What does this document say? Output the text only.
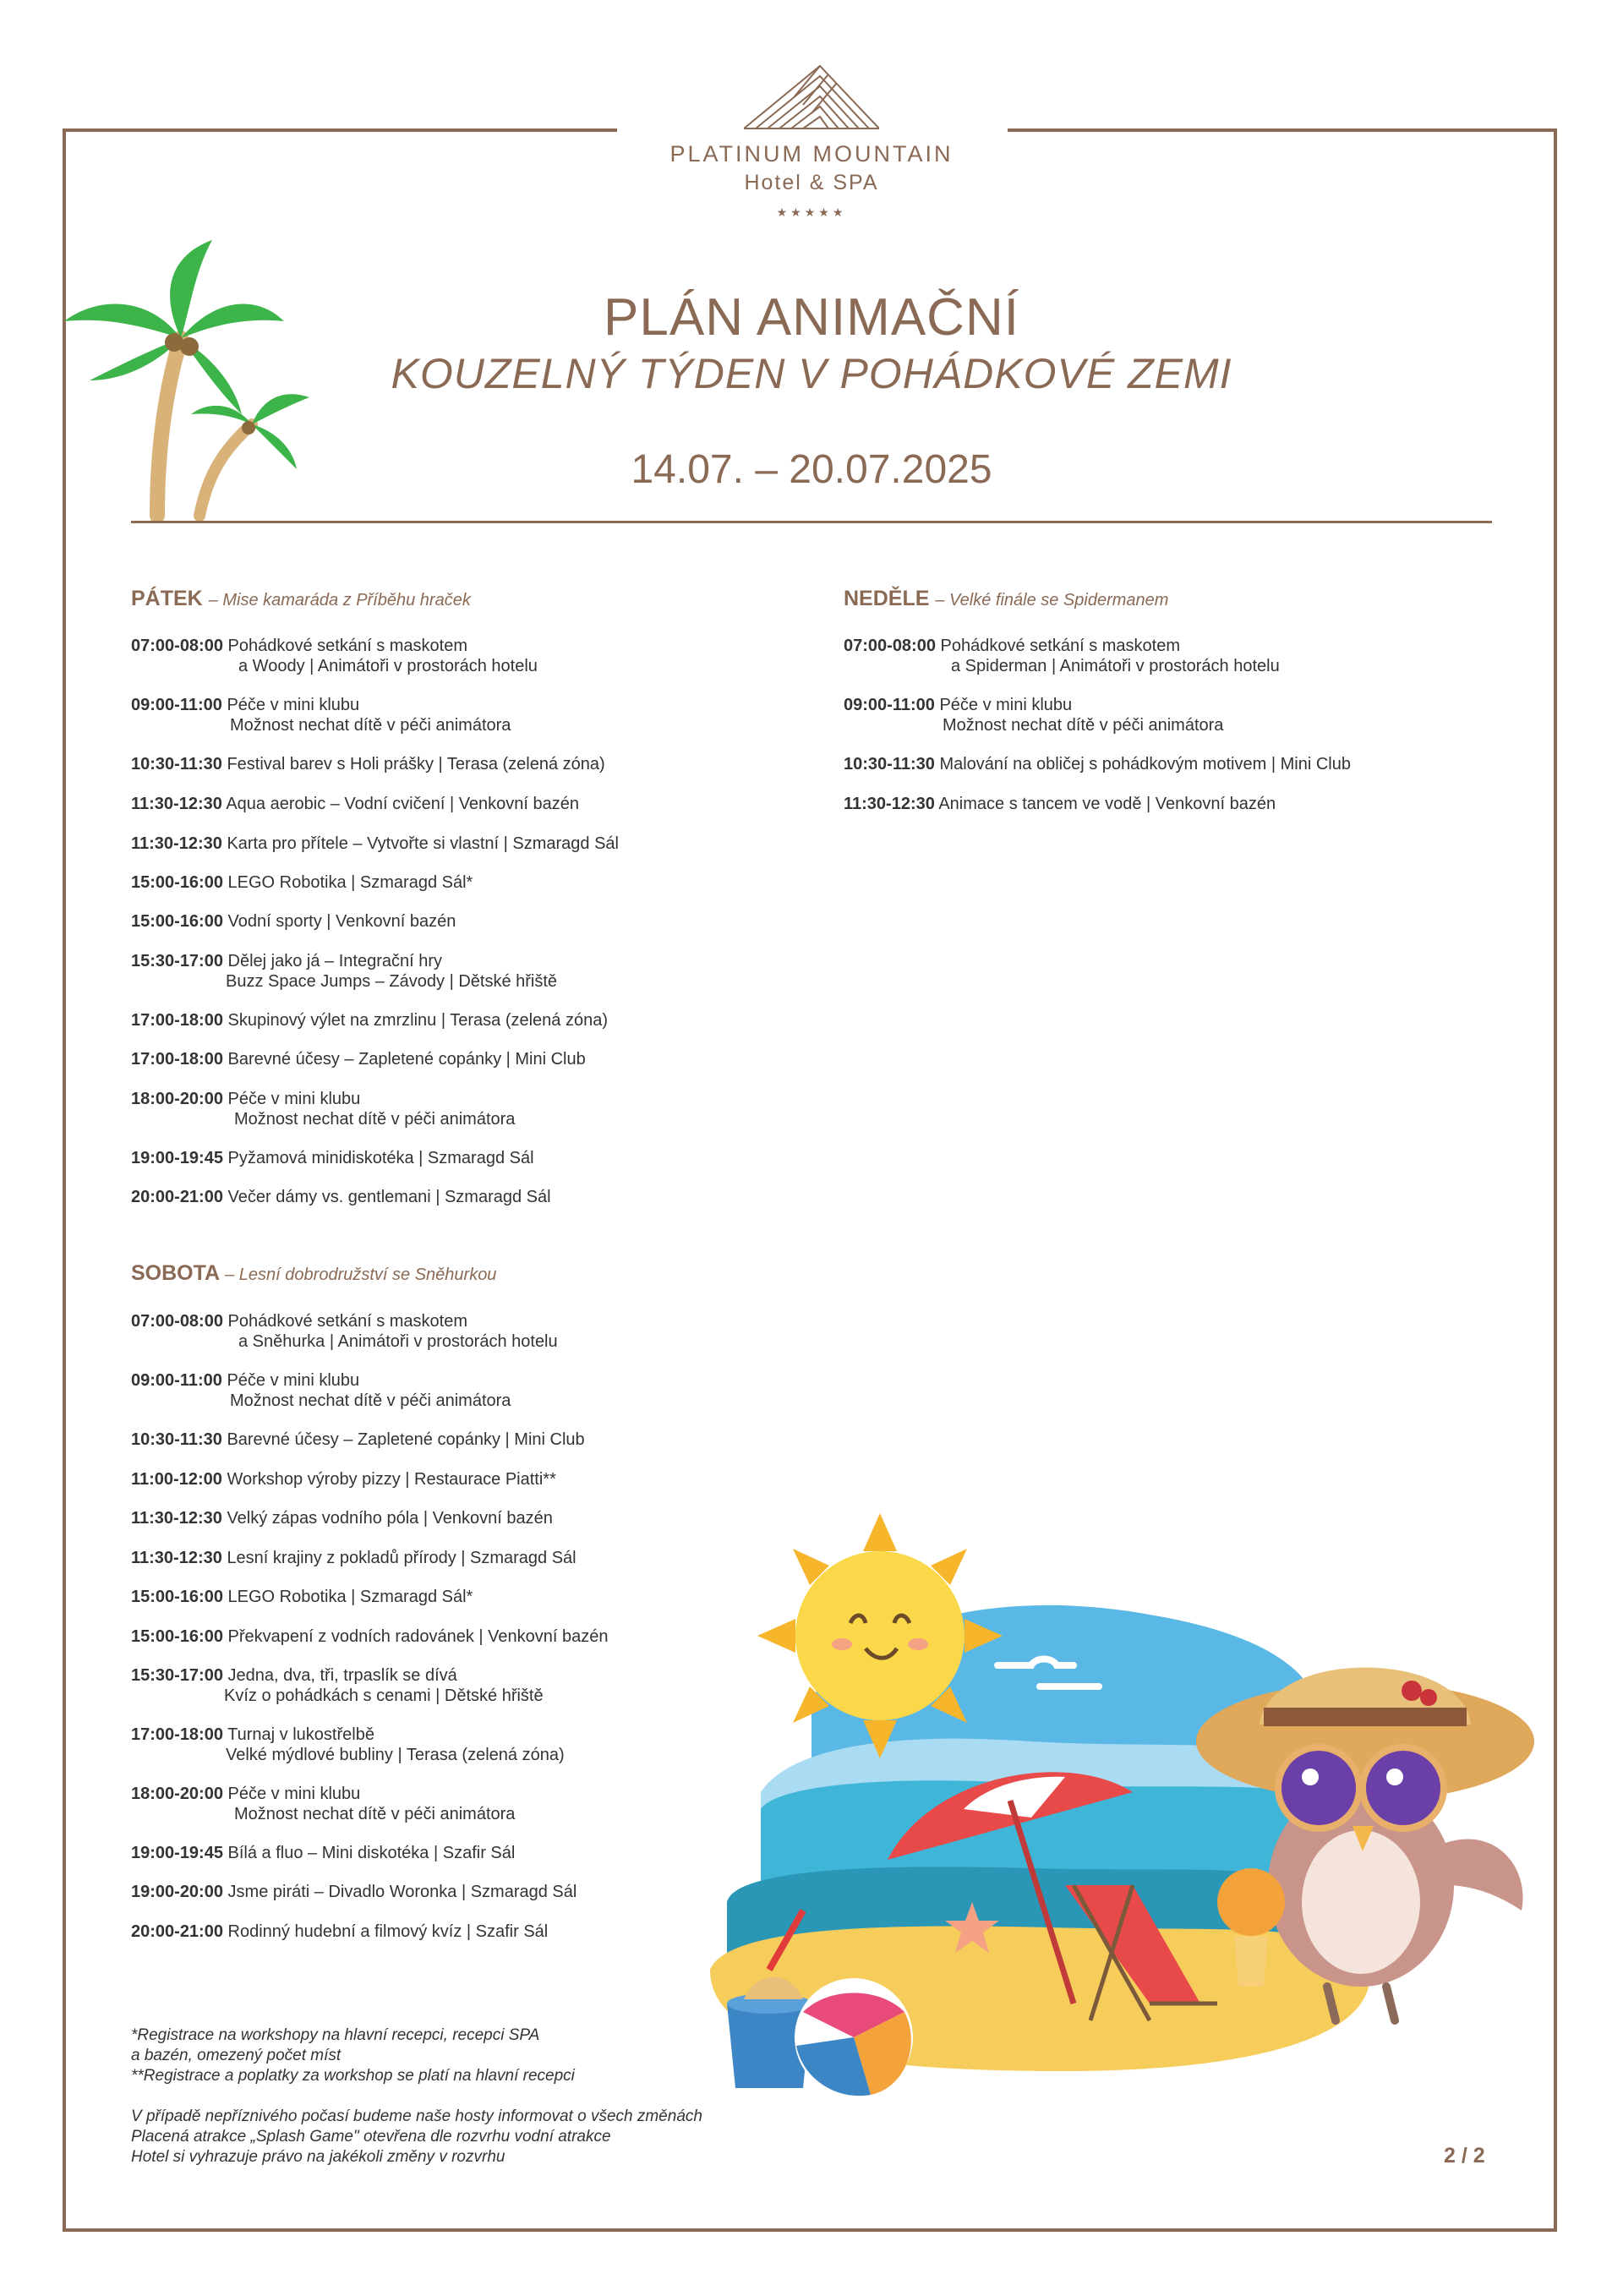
PLATINUM MOUNTAIN
Hotel & SPA
★★★★★
PLÁN ANIMAČNÍ
KOUZELNÝ TÝDEN V POHÁDKOVÉ ZEMI
14.07. – 20.07.2025
PÁTEK – Mise kamaráda z Příběhu hraček
07:00-08:00 Pohádkové setkání s maskotem
a Woody | Animátoři v prostorách hotelu
09:00-11:00 Péče v mini klubu
Možnost nechat dítě v péči animátora
10:30-11:30 Festival barev s Holi prášky | Terasa (zelená zóna)
11:30-12:30 Aqua aerobic – Vodní cvičení | Venkovní bazén
11:30-12:30 Karta pro přítele – Vytvořte si vlastní | Szmaragd Sál
15:00-16:00 LEGO Robotika | Szmaragd Sál*
15:00-16:00 Vodní sporty | Venkovní bazén
15:30-17:00 Dělej jako já – Integrační hry
Buzz Space Jumps – Závody | Dětské hřiště
17:00-18:00 Skupinový výlet na zmrzlinu | Terasa (zelená zóna)
17:00-18:00 Barevné účesy – Zapletené copánky | Mini Club
18:00-20:00 Péče v mini klubu
Možnost nechat dítě v péči animátora
19:00-19:45 Pyžamová minidiskotéka | Szmaragd Sál
20:00-21:00 Večer dámy vs. gentlemani | Szmaragd Sál
SOBOTA – Lesní dobrodružství se Sněhurkou
07:00-08:00 Pohádkové setkání s maskotem
a Sněhurka | Animátoři v prostorách hotelu
09:00-11:00 Péče v mini klubu
Možnost nechat dítě v péči animátora
10:30-11:30 Barevné účesy – Zapletené copánky | Mini Club
11:00-12:00 Workshop výroby pizzy | Restaurace Piatti**
11:30-12:30 Velký zápas vodního póla | Venkovní bazén
11:30-12:30 Lesní krajiny z pokladů přírody | Szmaragd Sál
15:00-16:00 LEGO Robotika | Szmaragd Sál*
15:00-16:00 Překvapení z vodních radovánek | Venkovní bazén
15:30-17:00 Jedna, dva, tři, trpaslík se dívá
Kvíz o pohádkách s cenami | Dětské hřiště
17:00-18:00 Turnaj v lukostřelbě
Velké mýdlové bubliny | Terasa (zelená zóna)
18:00-20:00 Péče v mini klubu
Možnost nechat dítě v péči animátora
19:00-19:45 Bílá a fluo – Mini diskotéka | Szafir Sál
19:00-20:00 Jsme piráti – Divadlo Woronka | Szmaragd Sál
20:00-21:00 Rodinný hudební a filmový kvíz | Szafir Sál
NEDĚLE – Velké finále se Spidermanem
07:00-08:00 Pohádkové setkání s maskotem
a Spiderman | Animátoři v prostorách hotelu
09:00-11:00 Péče v mini klubu
Možnost nechat dítě v péči animátora
10:30-11:30 Malování na obličej s pohádkovým motivem | Mini Club
11:30-12:30 Animace s tancem ve vodě | Venkovní bazén

*Registrace na workshopy na hlavní recepci, recepci SPA

a bazén, omezený počet míst

**Registrace a poplatky za workshop se platí na hlavní recepci

V případě nepříznivého počasí budeme naše hosty informovat o všech změnách

Placená atrakce „Splash Game" otevřena dle rozvrhu vodní atrakce

Hotel si vyhrazuje právo na jakékoli změny v rozvrhu	2 / 2
